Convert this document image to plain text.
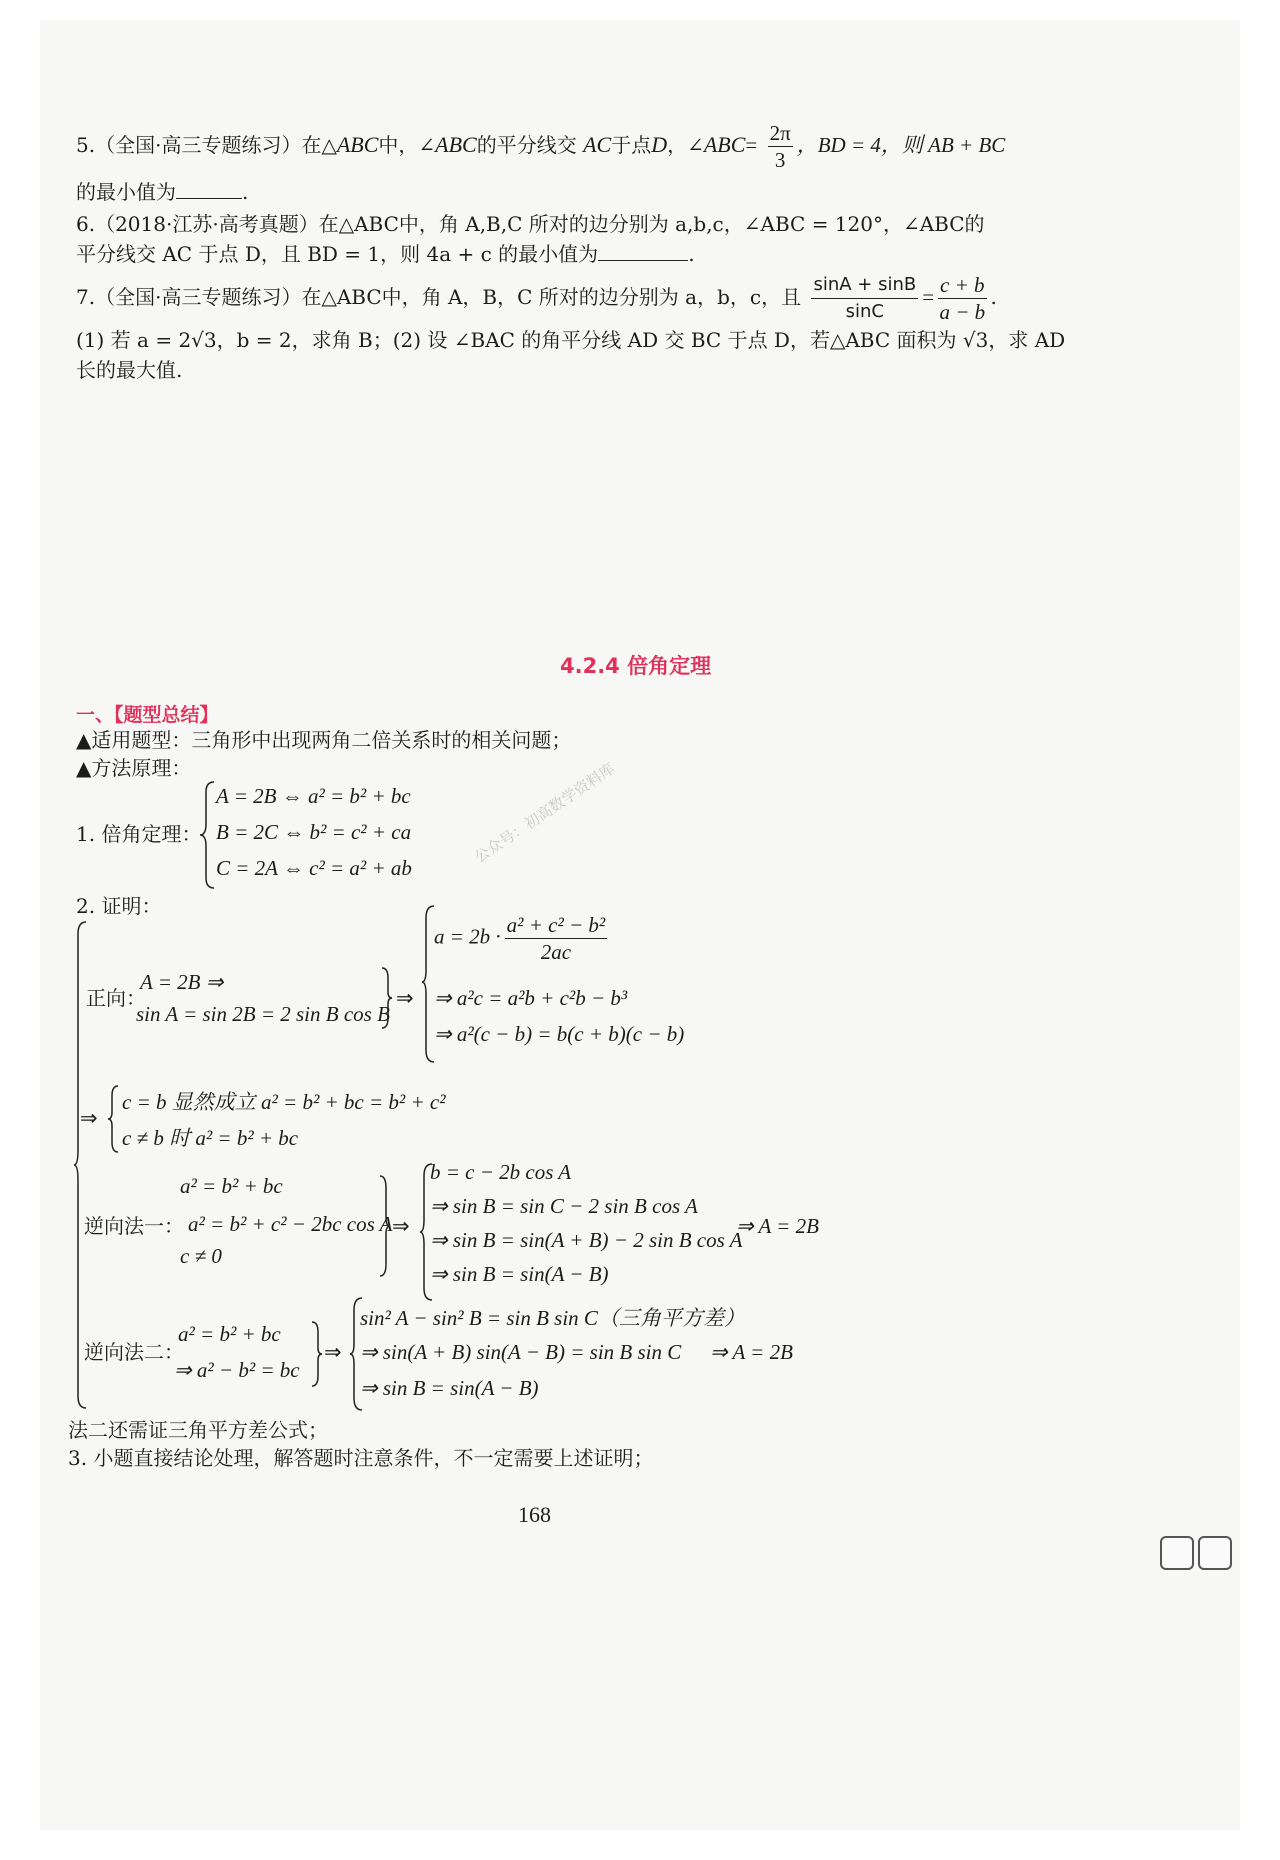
5.（全国·高三专题练习）在△ABC中，∠ABC的平分线交 AC于点D，∠ABC= $\frac{2\pi}{3}$ ，BD = 4，则 AB + BC
的最小值为	.
6.（2018·江苏·高考真题）在△ABC中，角 A,B,C 所对的边分别为 a,b,c，∠ABC = 120°，∠ABC的
平分线交 AC 于点 D，且 BD = 1，则 4a + c 的最小值为	.
7.（全国·高三专题练习）在△ABC中，角 A，B，C 所对的边分别为 a，b，c，且 $\frac{\sin A + \sin B}{\sin C} = \frac{c + b}{a - b}$ .
(1) 若 a = 2√3，b = 2，求角 B；(2) 设 ∠BAC 的角平分线 AD 交 BC 于点 D，若△ABC 面积为 √3，求 AD
长的最大值.
4.2.4 倍角定理
一、【题型总结】
▲适用题型：三角形中出现两角二倍关系时的相关问题；
▲方法原理：
1. 倍角定理：
A = 2B ⇔ a² = b² + bc
B = 2C ⇔ b² = c² + ca
C = 2A ⇔ c² = a² + ab
公众号：初高数学资料库
2. 证明：
正向：
A = 2B ⇒
sin A = sin 2B = 2 sin B cos B
⇒
$a = 2b \cdot \frac{\text{a² + c² − b²}}{2ac}$
⇒ a²c = a²b + c²b − b³
⇒ a²(c − b) = b(c + b)(c − b)
⇒
c = b 显然成立 a² = b² + bc = b² + c²
c ≠ b 时 a² = b² + bc
逆向法一：
a² = b² + bc
a² = b² + c² − 2bc cos A
c ≠ 0
⇒
b = c − 2b cos A
⇒ sin B = sin C − 2 sin B cos A
⇒ sin B = sin(A + B) − 2 sin B cos A
⇒ sin B = sin(A − B)
⇒ A = 2B
逆向法二：
a² = b² + bc
⇒ a² − b² = bc
⇒
sin² A − sin² B = sin B sin C（三角平方差）
⇒ sin(A + B) sin(A − B) = sin B sin C
⇒ sin B = sin(A − B)
⇒ A = 2B
法二还需证三角平方差公式；
3. 小题直接结论处理，解答题时注意条件，不一定需要上述证明；
168
